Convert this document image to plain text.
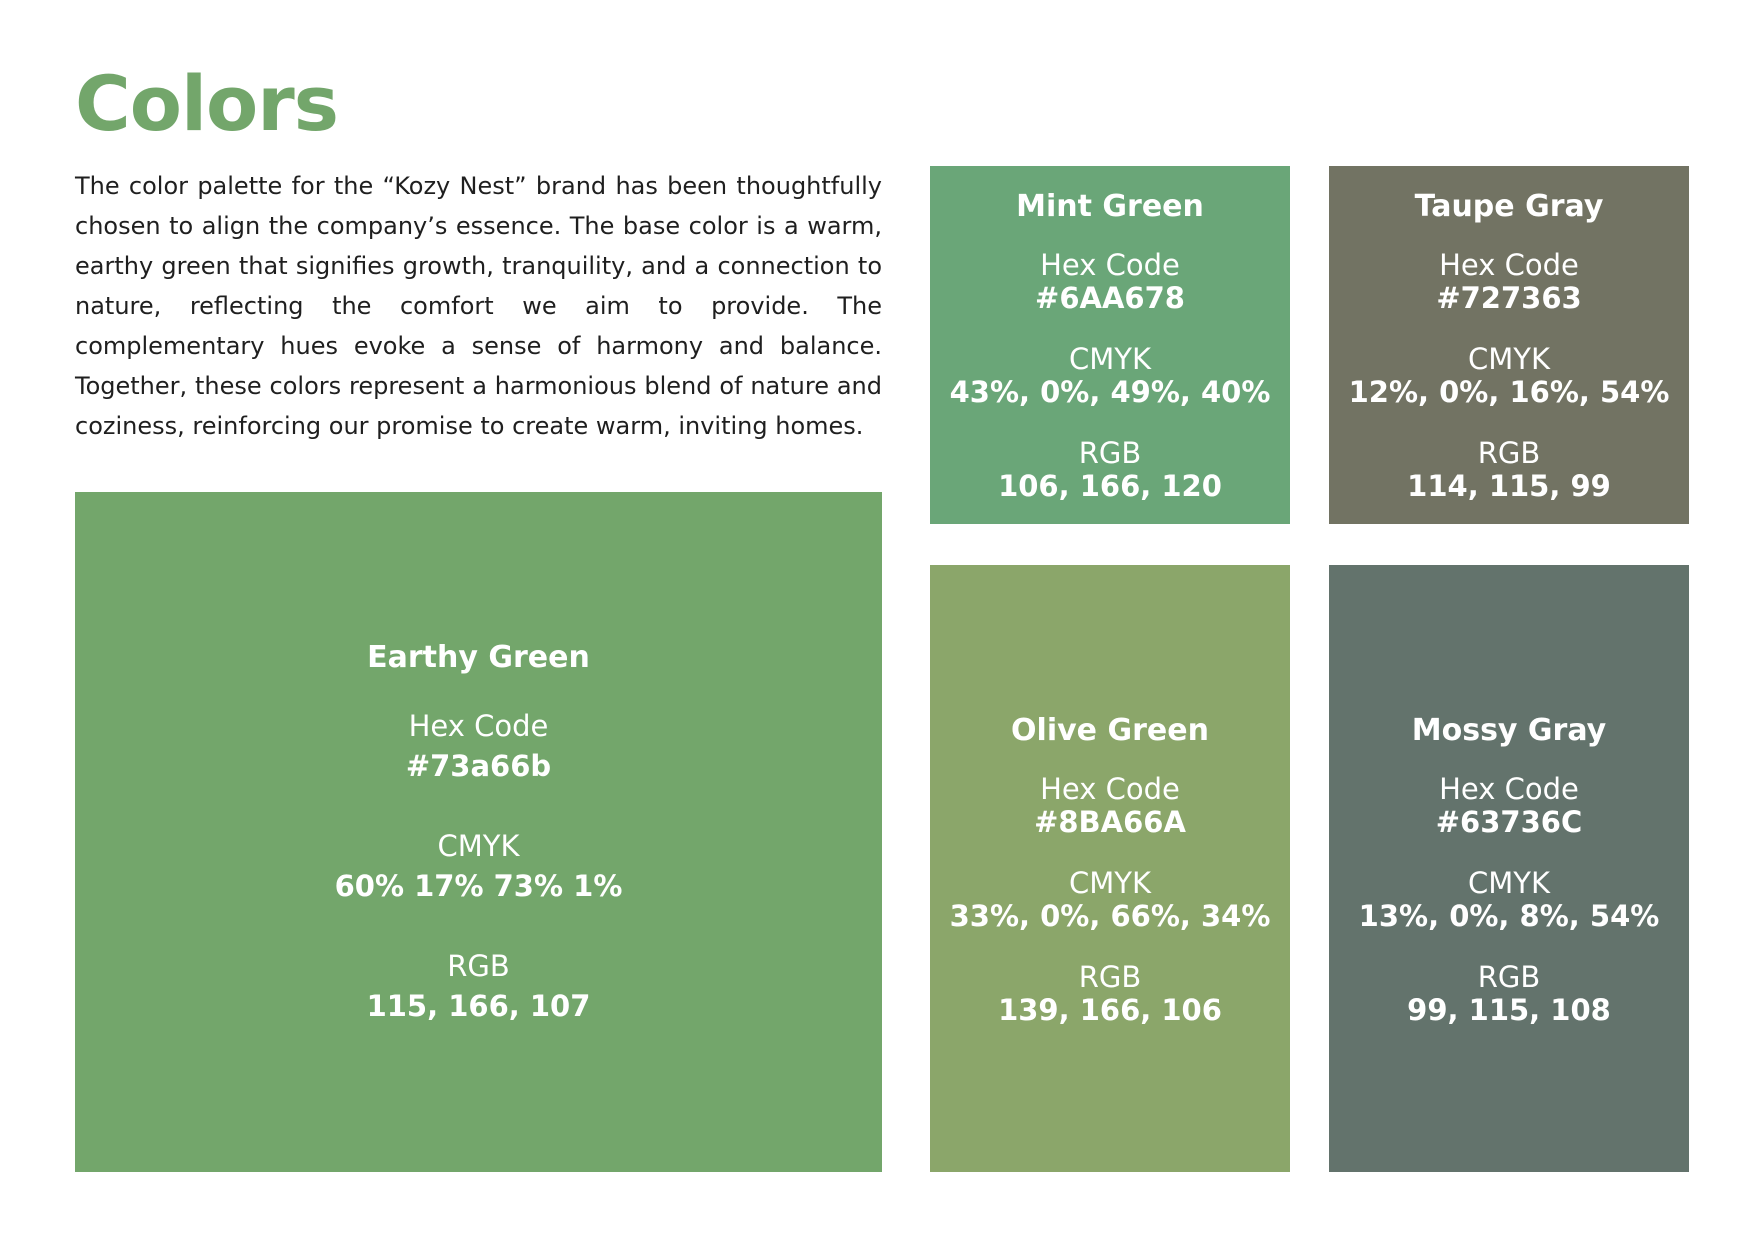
Colors

The color palette for the “Kozy Nest” brand has been thoughtfully chosen to align the company’s essence. The base color is a warm, earthy green that signifies growth, tranquility, and a connection to nature, reflecting the comfort we aim to provide. The complementary hues evoke a sense of harmony and balance. Together, these colors represent a harmonious blend of nature and coziness, reinforcing our promise to create warm, inviting homes.

Earthy Green
Hex Code
#73a66b
CMYK
60% 17% 73% 1%
RGB
115, 166, 107
Mint Green
Hex Code
#6AA678
CMYK
43%, 0%, 49%, 40%
RGB
106, 166, 120
Taupe Gray
Hex Code
#727363
CMYK
12%, 0%, 16%, 54%
RGB
114, 115, 99
Olive Green
Hex Code
#8BA66A
CMYK
33%, 0%, 66%, 34%
RGB
139, 166, 106
Mossy Gray
Hex Code
#63736C
CMYK
13%, 0%, 8%, 54%
RGB
99, 115, 108
